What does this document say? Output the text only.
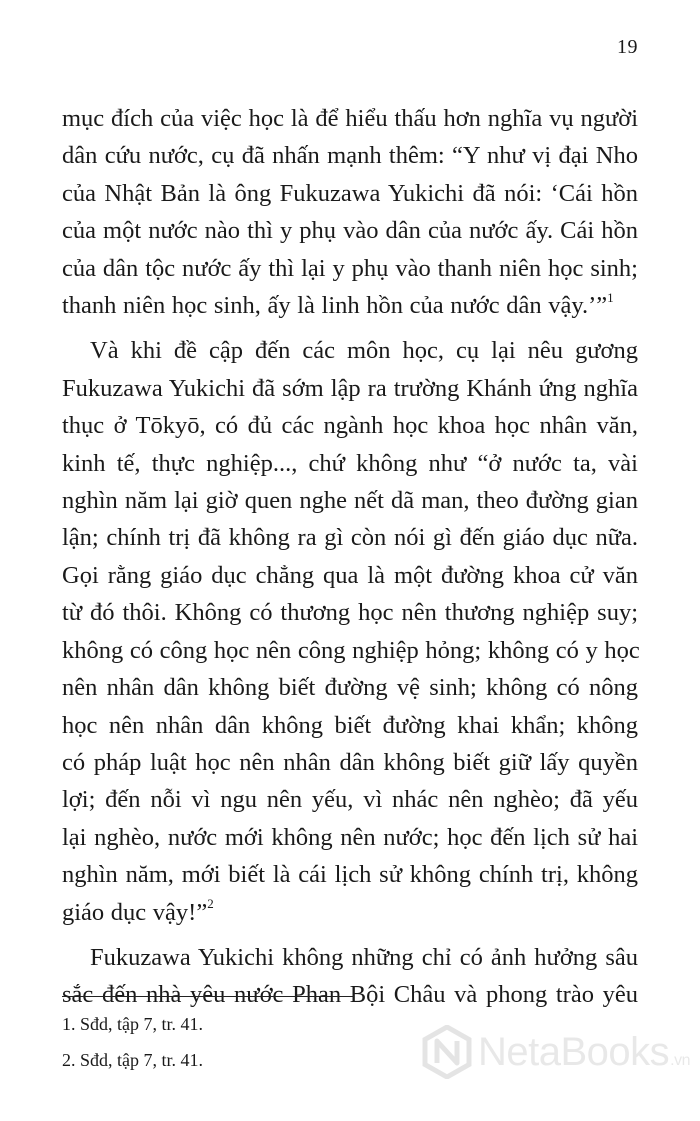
19

mục đích của việc học là để hiểu thấu hơn nghĩa vụ người
dân cứu nước, cụ đã nhấn mạnh thêm: “Y như vị đại Nho
của Nhật Bản là ông Fukuzawa Yukichi đã nói: ‘Cái hồn
của một nước nào thì y phụ vào dân của nước ấy. Cái hồn
của dân tộc nước ấy thì lại y phụ vào thanh niên học sinh;
thanh niên học sinh, ấy là linh hồn của nước dân vậy.’”$^1$

Và khi đề cập đến các môn học, cụ lại nêu gương
Fukuzawa Yukichi đã sớm lập ra trường Khánh ứng nghĩa
thục ở Tōkyō, có đủ các ngành học khoa học nhân văn,
kinh tế, thực nghiệp..., chứ không như “ở nước ta, vài
nghìn năm lại giờ quen nghe nết dã man, theo đường gian
lận; chính trị đã không ra gì còn nói gì đến giáo dục nữa.
Gọi rằng giáo dục chẳng qua là một đường khoa cử văn
từ đó thôi. Không có thương học nên thương nghiệp suy;
không có công học nên công nghiệp hỏng; không có y học
nên nhân dân không biết đường vệ sinh; không có nông
học nên nhân dân không biết đường khai khẩn; không
có pháp luật học nên nhân dân không biết giữ lấy quyền
lợi; đến nỗi vì ngu nên yếu, vì nhác nên nghèo; đã yếu
lại nghèo, nước mới không nên nước; học đến lịch sử hai
nghìn năm, mới biết là cái lịch sử không chính trị, không
giáo dục vậy!”$^2$

Fukuzawa Yukichi không những chỉ có ảnh hưởng sâu
sắc đến nhà yêu nước Phan Bội Châu và phong trào yêu

1. Sđd, tập 7, tr. 41.

2. Sđd, tập 7, tr. 41.	NetaBooks.vn
